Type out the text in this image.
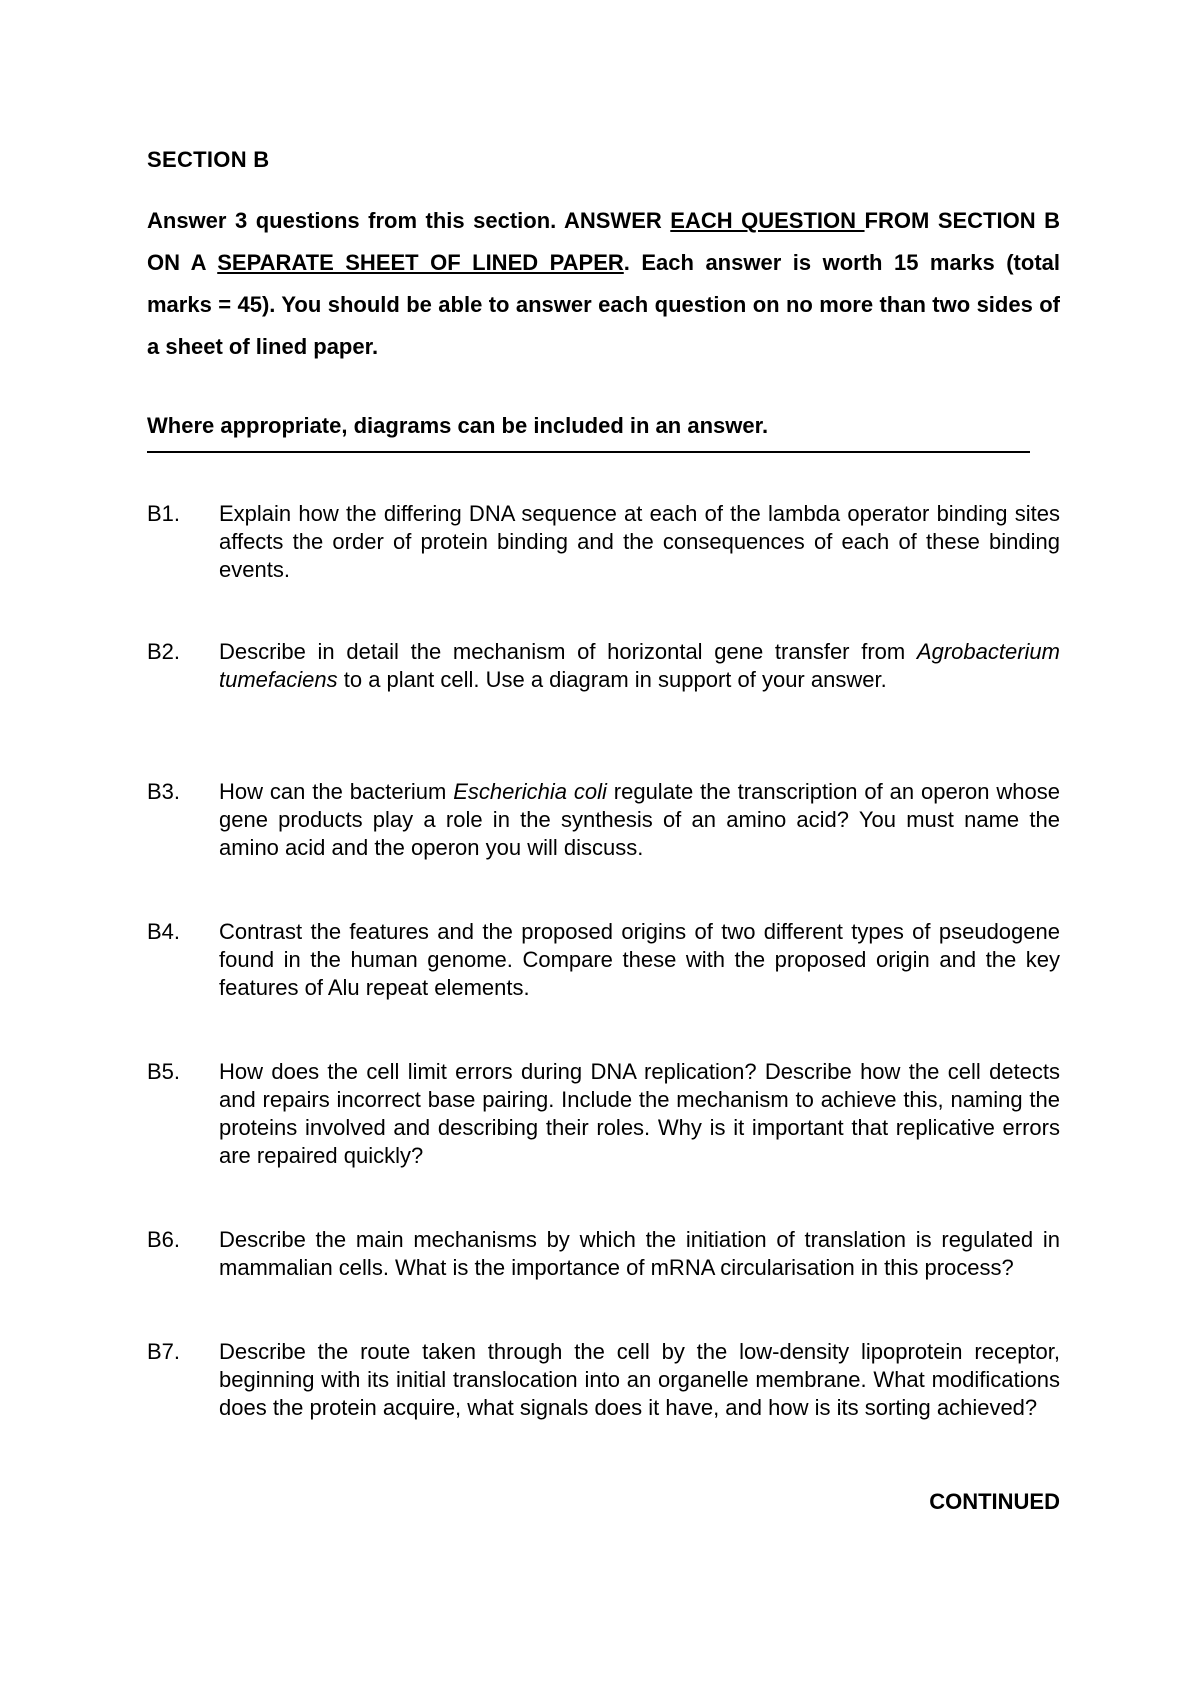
SECTION B
Answer 3 questions from this section. ANSWER EACH QUESTION FROM SECTION B ON A SEPARATE SHEET OF LINED PAPER. Each answer is worth 15 marks (total marks = 45). You should be able to answer each question on no more than two sides of a sheet of lined paper.
Where appropriate, diagrams can be included in an answer.
B1.	Explain how the differing DNA sequence at each of the lambda operator binding sites affects the order of protein binding and the consequences of each of these binding events.
B2.	Describe in detail the mechanism of horizontal gene transfer from Agrobacterium tumefaciens to a plant cell. Use a diagram in support of your answer.
B3.	How can the bacterium Escherichia coli regulate the transcription of an operon whose gene products play a role in the synthesis of an amino acid? You must name the amino acid and the operon you will discuss.
B4.	Contrast the features and the proposed origins of two different types of pseudogene found in the human genome. Compare these with the proposed origin and the key features of Alu repeat elements.
B5.	How does the cell limit errors during DNA replication? Describe how the cell detects and repairs incorrect base pairing. Include the mechanism to achieve this, naming the proteins involved and describing their roles. Why is it important that replicative errors are repaired quickly?
B6.	Describe the main mechanisms by which the initiation of translation is regulated in mammalian cells. What is the importance of mRNA circularisation in this process?
B7.	Describe the route taken through the cell by the low-density lipoprotein receptor, beginning with its initial translocation into an organelle membrane. What modifications does the protein acquire, what signals does it have, and how is its sorting achieved?
CONTINUED
